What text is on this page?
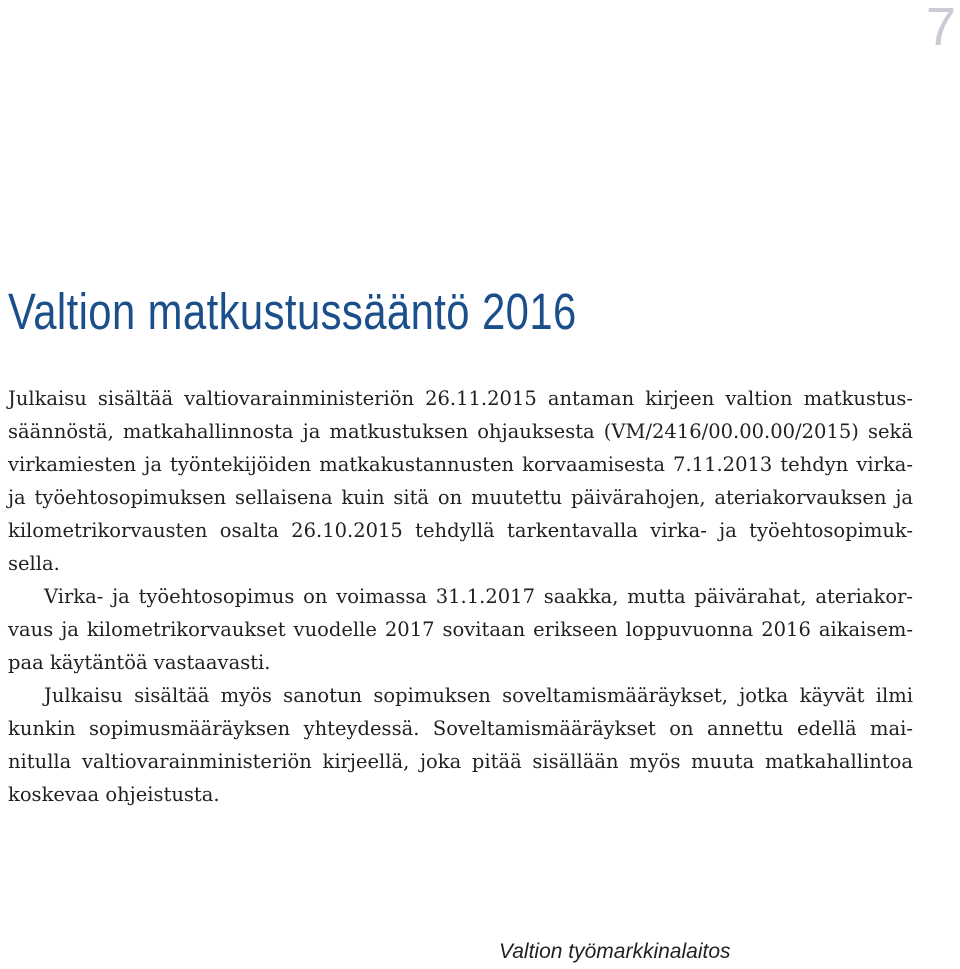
7
Valtion matkustussääntö 2016

Julkaisu sisältää valtiovarainministeriön 26.11.2015 antaman kirjeen valtion matkustus-
säännöstä, matkahallinnosta ja matkustuksen ohjauksesta (VM/2416/00.00.00/2015) sekä
virkamiesten ja työntekijöiden matkakustannusten korvaamisesta 7.11.2013 tehdyn virka-
ja työehtosopimuksen sellaisena kuin sitä on muutettu päivärahojen, ateriakorvauksen ja
kilometrikorvausten osalta 26.10.2015 tehdyllä tarkentavalla virka- ja työehtosopimuk-
sella.

Virka- ja työehtosopimus on voimassa 31.1.2017 saakka, mutta päivärahat, ateriakor-
vaus ja kilometrikorvaukset vuodelle 2017 sovitaan erikseen loppuvuonna 2016 aikaisem-
paa käytäntöä vastaavasti.

Julkaisu sisältää myös sanotun sopimuksen soveltamismääräykset, jotka käyvät ilmi
kunkin sopimusmääräyksen yhteydessä. Soveltamismääräykset on annettu edellä mai-
nitulla valtiovarainministeriön kirjeellä, joka pitää sisällään myös muuta matkahallintoa
koskevaa ohjeistusta.

Valtion työmarkkinalaitos
